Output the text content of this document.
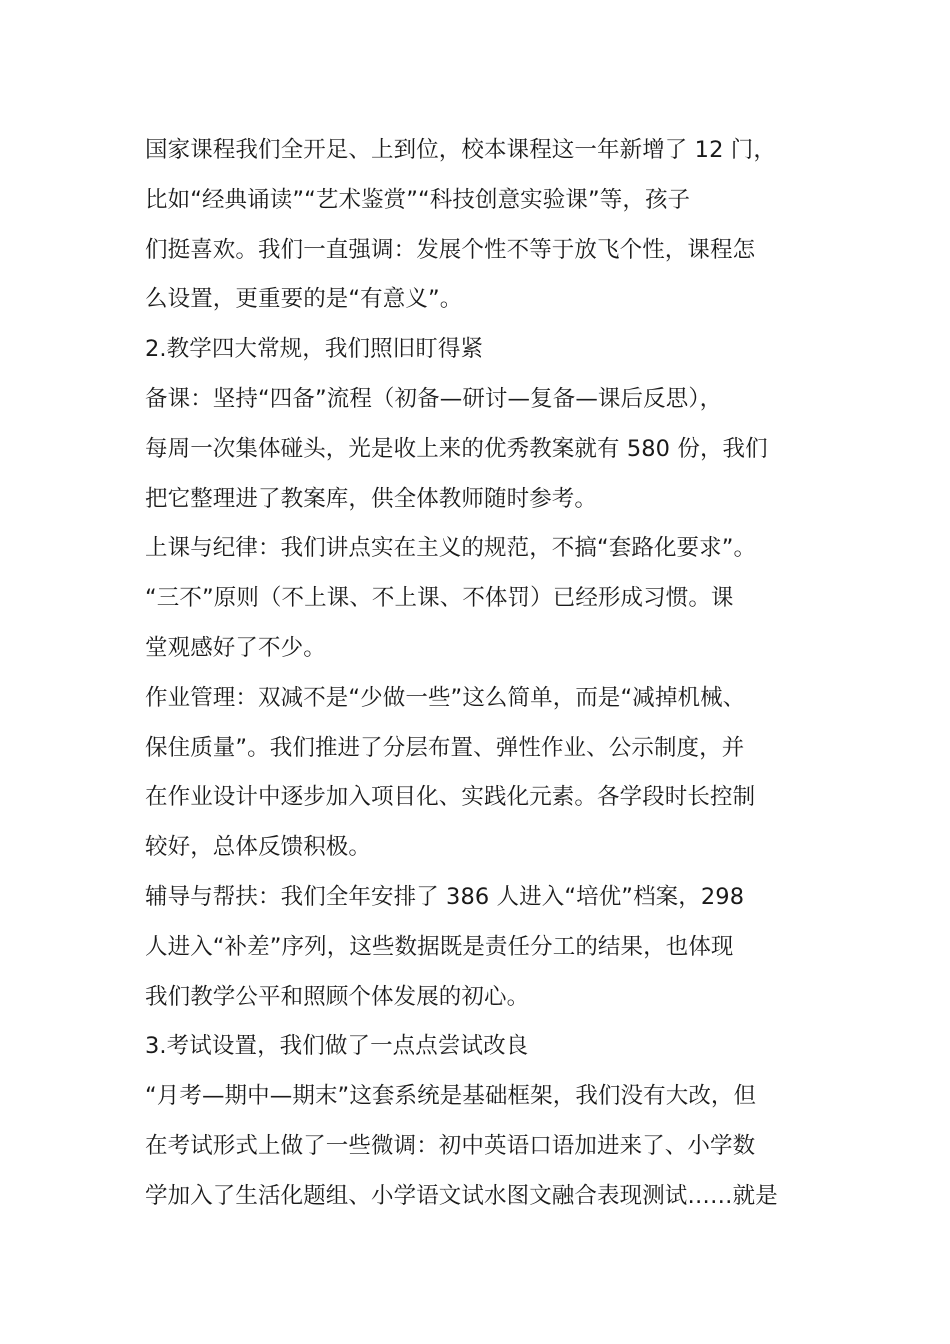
国家课程我们全开足、上到位，校本课程这一年新增了 12 门，
比如“经典诵读”“艺术鉴赏”“科技创意实验课”等，孩子
们挺喜欢。我们一直强调：发展个性不等于放飞个性，课程怎
么设置，更重要的是“有意义”。
2.教学四大常规，我们照旧盯得紧
备课：坚持“四备”流程（初备—研讨—复备—课后反思），
每周一次集体碰头，光是收上来的优秀教案就有 580 份，我们
把它整理进了教案库，供全体教师随时参考。
上课与纪律：我们讲点实在主义的规范，不搞“套路化要求”。
“三不”原则（不上课、不上课、不体罚）已经形成习惯。课
堂观感好了不少。
作业管理：双减不是“少做一些”这么简单，而是“减掉机械、
保住质量”。我们推进了分层布置、弹性作业、公示制度，并
在作业设计中逐步加入项目化、实践化元素。各学段时长控制
较好，总体反馈积极。
辅导与帮扶：我们全年安排了 386 人进入“培优”档案，298
人进入“补差”序列，这些数据既是责任分工的结果，也体现
我们教学公平和照顾个体发展的初心。
3.考试设置，我们做了一点点尝试改良
“月考—期中—期末”这套系统是基础框架，我们没有大改，但
在考试形式上做了一些微调：初中英语口语加进来了、小学数
学加入了生活化题组、小学语文试水图文融合表现测试……就是
